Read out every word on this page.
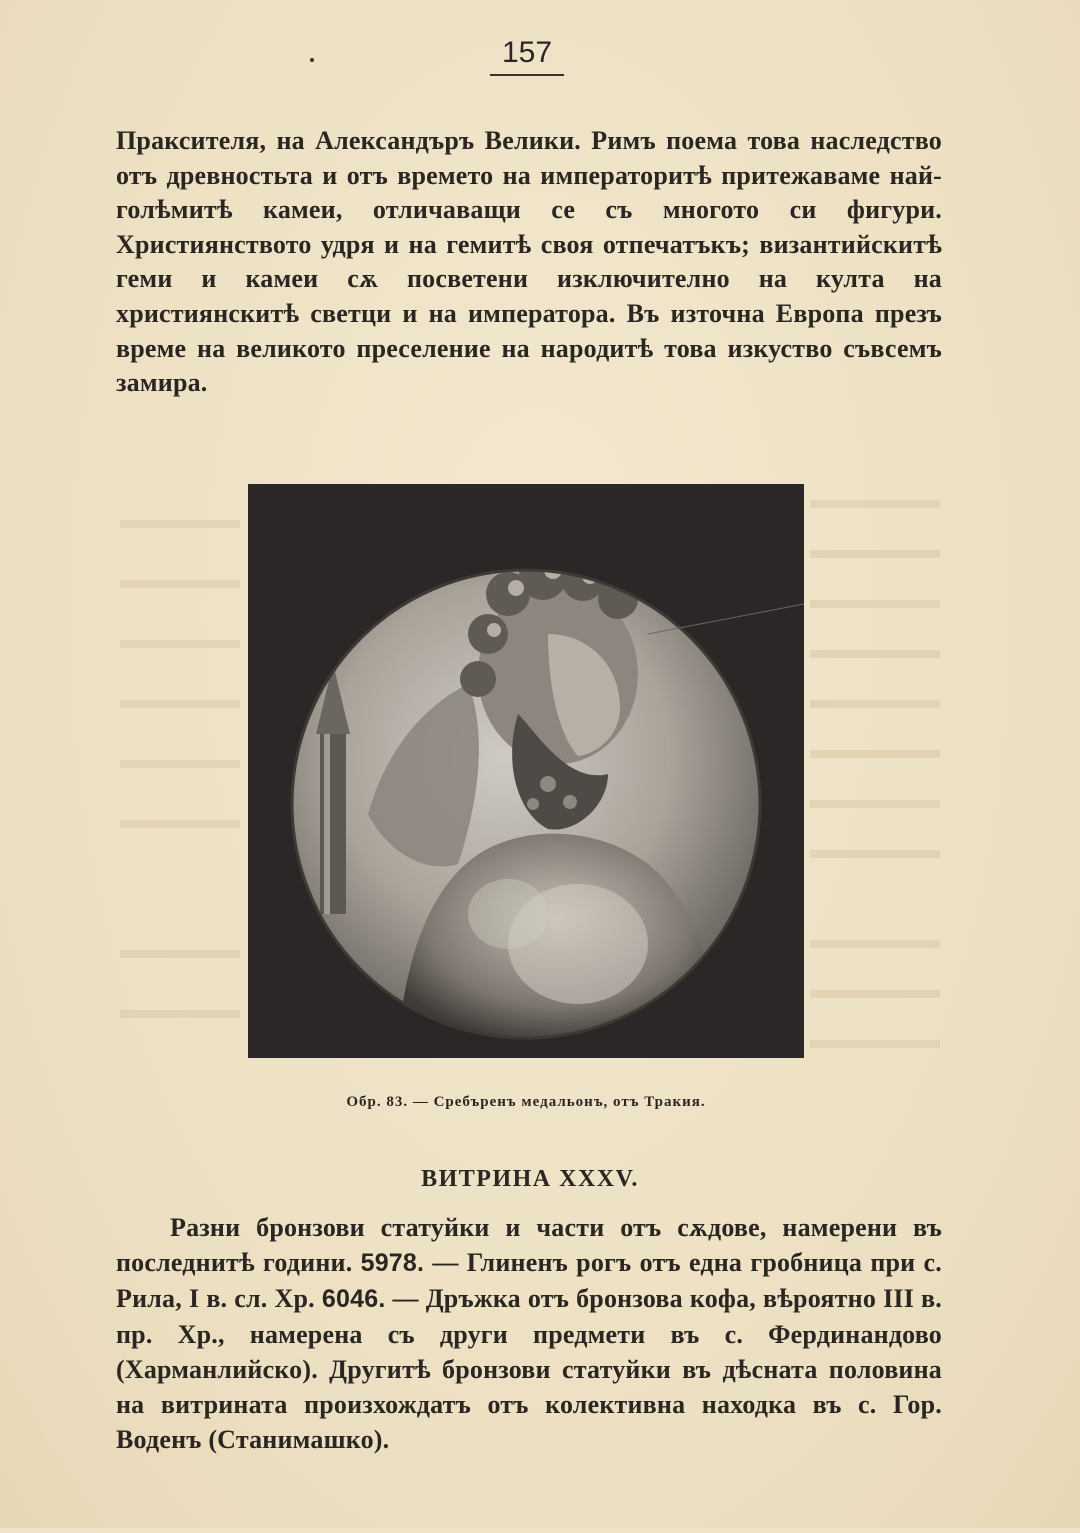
157
Праксителя, на Александъръ Велики. Римъ поема това наследство отъ древностьта и отъ времето на императоритѣ притежаваме най-голѣмитѣ камеи, отличаващи се съ многото си фигури. Християнството удря и на гемитѣ своя отпечатъкъ; византийскитѣ геми и камеи сѫ посветени изключително на култа на християнскитѣ светци и на императора. Въ източна Европа презъ време на великото преселение на народитѣ това изкуство съвсемъ замира.
Обр. 83. — Сребъренъ медальонъ, отъ Тракия.
ВИТРИНА XXXV.
Разни бронзови статуйки и части отъ сѫдове, намерени въ последнитѣ години. 5978. — Глиненъ рогъ отъ една гробница при с. Рила, I в. сл. Хр. 6046. — Дръжка отъ бронзова кофа, вѣроятно III в. пр. Хр., намерена съ други предмети въ с. Фердинандово (Харманлийско). Другитѣ бронзови статуйки въ дѣсната половина на витрината произхождатъ отъ колективна находка въ с. Гор. Воденъ (Станимашко).
